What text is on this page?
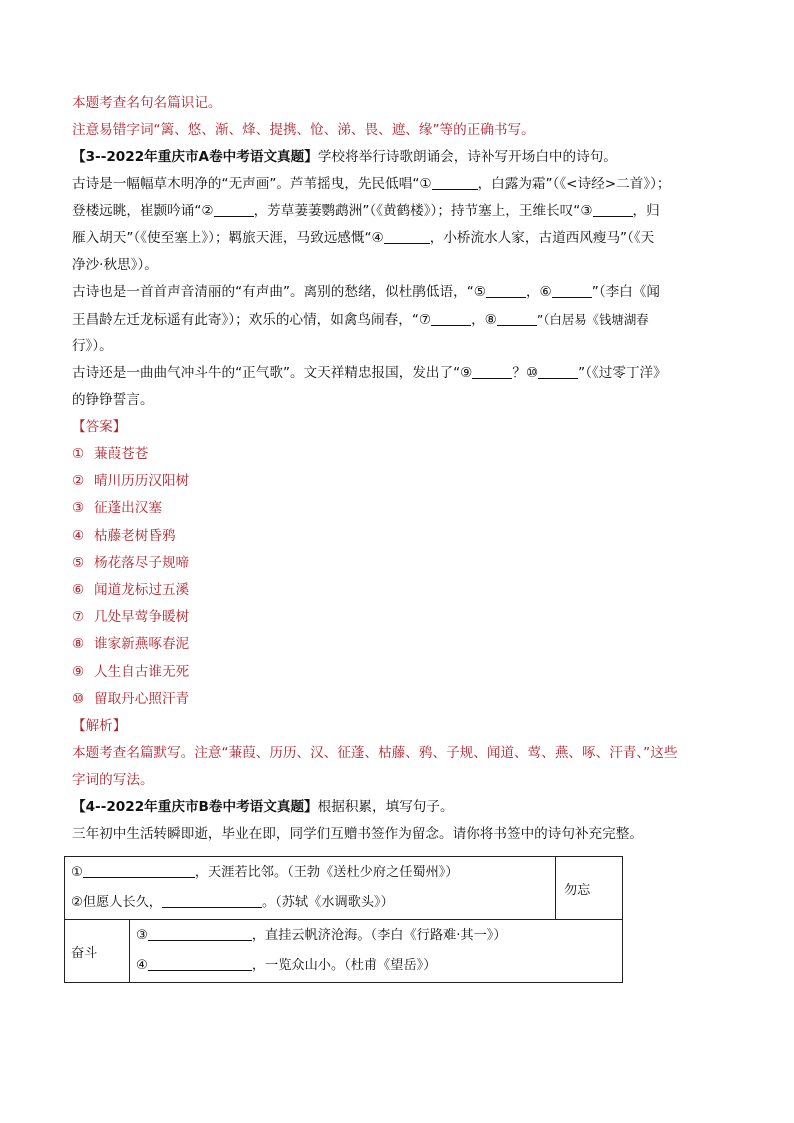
本题考查名句名篇识记。
注意易错字词“篱、悠、渐、烽、提携、怆、涕、畏、遮、缘”等的正确书写。
【3--2022年重庆市A卷中考语文真题】学校将举行诗歌朗诵会，诗补写开场白中的诗句。
古诗是一幅幅草木明净的“无声画”。芦苇摇曳，先民低唱“①	，白露为霜”（《<诗经>二首》）；
登楼远眺，崔颢吟诵“②	，芳草萋萋鹦鹉洲”（《黄鹤楼》）；持节塞上，王维长叹“③	，归
雁入胡天”（《使至塞上》）；羁旅天涯，马致远感慨“④	，小桥流水人家，古道西风瘦马”（《天
净沙·秋思》）。
古诗也是一首首声音清丽的“有声曲”。离别的愁绪，似杜鹃低语，“⑤	，⑥	”（李白《闻
王昌龄左迁龙标遥有此寄》）；欢乐的心情，如禽鸟闹春，“⑦	，⑧	”（白居易《钱塘湖春
行》）。
古诗还是一曲曲气冲斗牛的“正气歌”。文天祥精忠报国，发出了“⑨	？⑩	”（《过零丁洋》
的铮铮誓言。
【答案】
① 蒹葭苍苍
② 晴川历历汉阳树
③ 征蓬出汉塞
④ 枯藤老树昏鸦
⑤ 杨花落尽子规啼
⑥ 闻道龙标过五溪
⑦ 几处早莺争暖树
⑧ 谁家新燕啄春泥
⑨ 人生自古谁无死
⑩ 留取丹心照汗青
【解析】
本题考查名篇默写。注意“蒹葭、历历、汉、征蓬、枯藤、鸦、子规、闻道、莺、燕、啄、汗青、”这些
字词的写法。
【4--2022年重庆市B卷中考语文真题】根据积累，填写句子。
三年初中生活转瞬即逝，毕业在即，同学们互赠书签作为留念。请你将书签中的诗句补充完整。
① ，天涯若比邻。（王勃《送杜少府之任蜀州》）
②但愿人长久， 。（苏轼《水调歌头》）		勿忘
奋斗	③ ，直挂云帆济沧海。（李白《行路难·其一》）
④ ，一览众山小。（杜甫《望岳》）	
